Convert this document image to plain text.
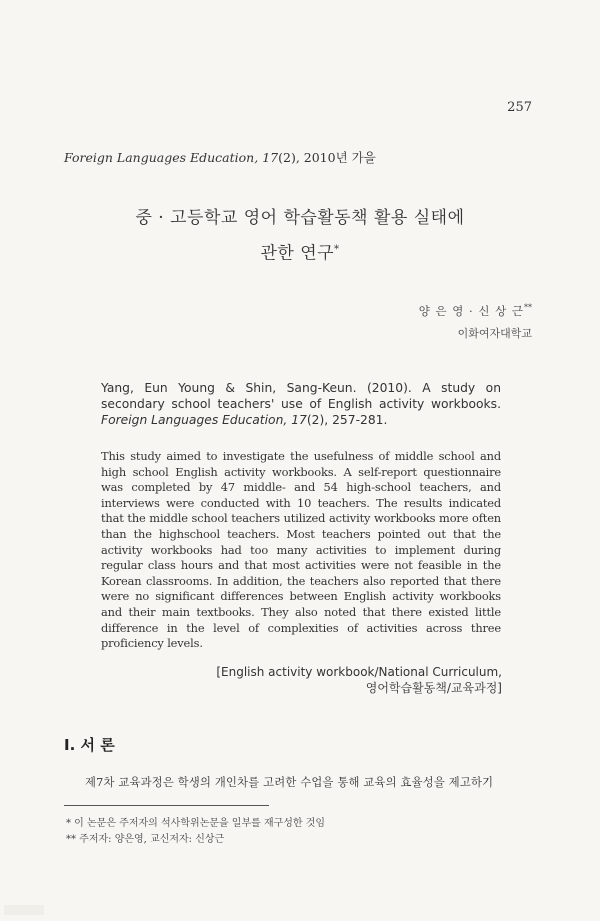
257
Foreign Languages Education, 17(2), 2010년 가을
중 · 고등학교 영어 학습활동책 활용 실태에
관한 연구*
양 은 영 · 신 상 근**
이화여자대학교
Yang, Eun Young & Shin, Sang-Keun. (2010). A study on secondary school teachers' use of English activity workbooks. Foreign Languages Education, 17(2), 257-281.
This study aimed to investigate the usefulness of middle school and high school English activity workbooks. A self-report questionnaire was completed by 47 middle- and 54 high-school teachers, and interviews were conducted with 10 teachers. The results indicated that the middle school teachers utilized activity workbooks more often than the highschool teachers. Most teachers pointed out that the activity workbooks had too many activities to implement during regular class hours and that most activities were not feasible in the Korean classrooms. In addition, the teachers also reported that there were no significant differences between English activity workbooks and their main textbooks. They also noted that there existed little difference in the level of complexities of activities across three proficiency levels.
[English activity workbook/National Curriculum,
영어학습활동책/교육과정]
I. 서 론
제7차 교육과정은 학생의 개인차를 고려한 수업을 통해 교육의 효율성을 제고하기
* 이 논문은 주저자의 석사학위논문을 일부를 재구성한 것임
** 주저자: 양은영, 교신저자: 신상근
